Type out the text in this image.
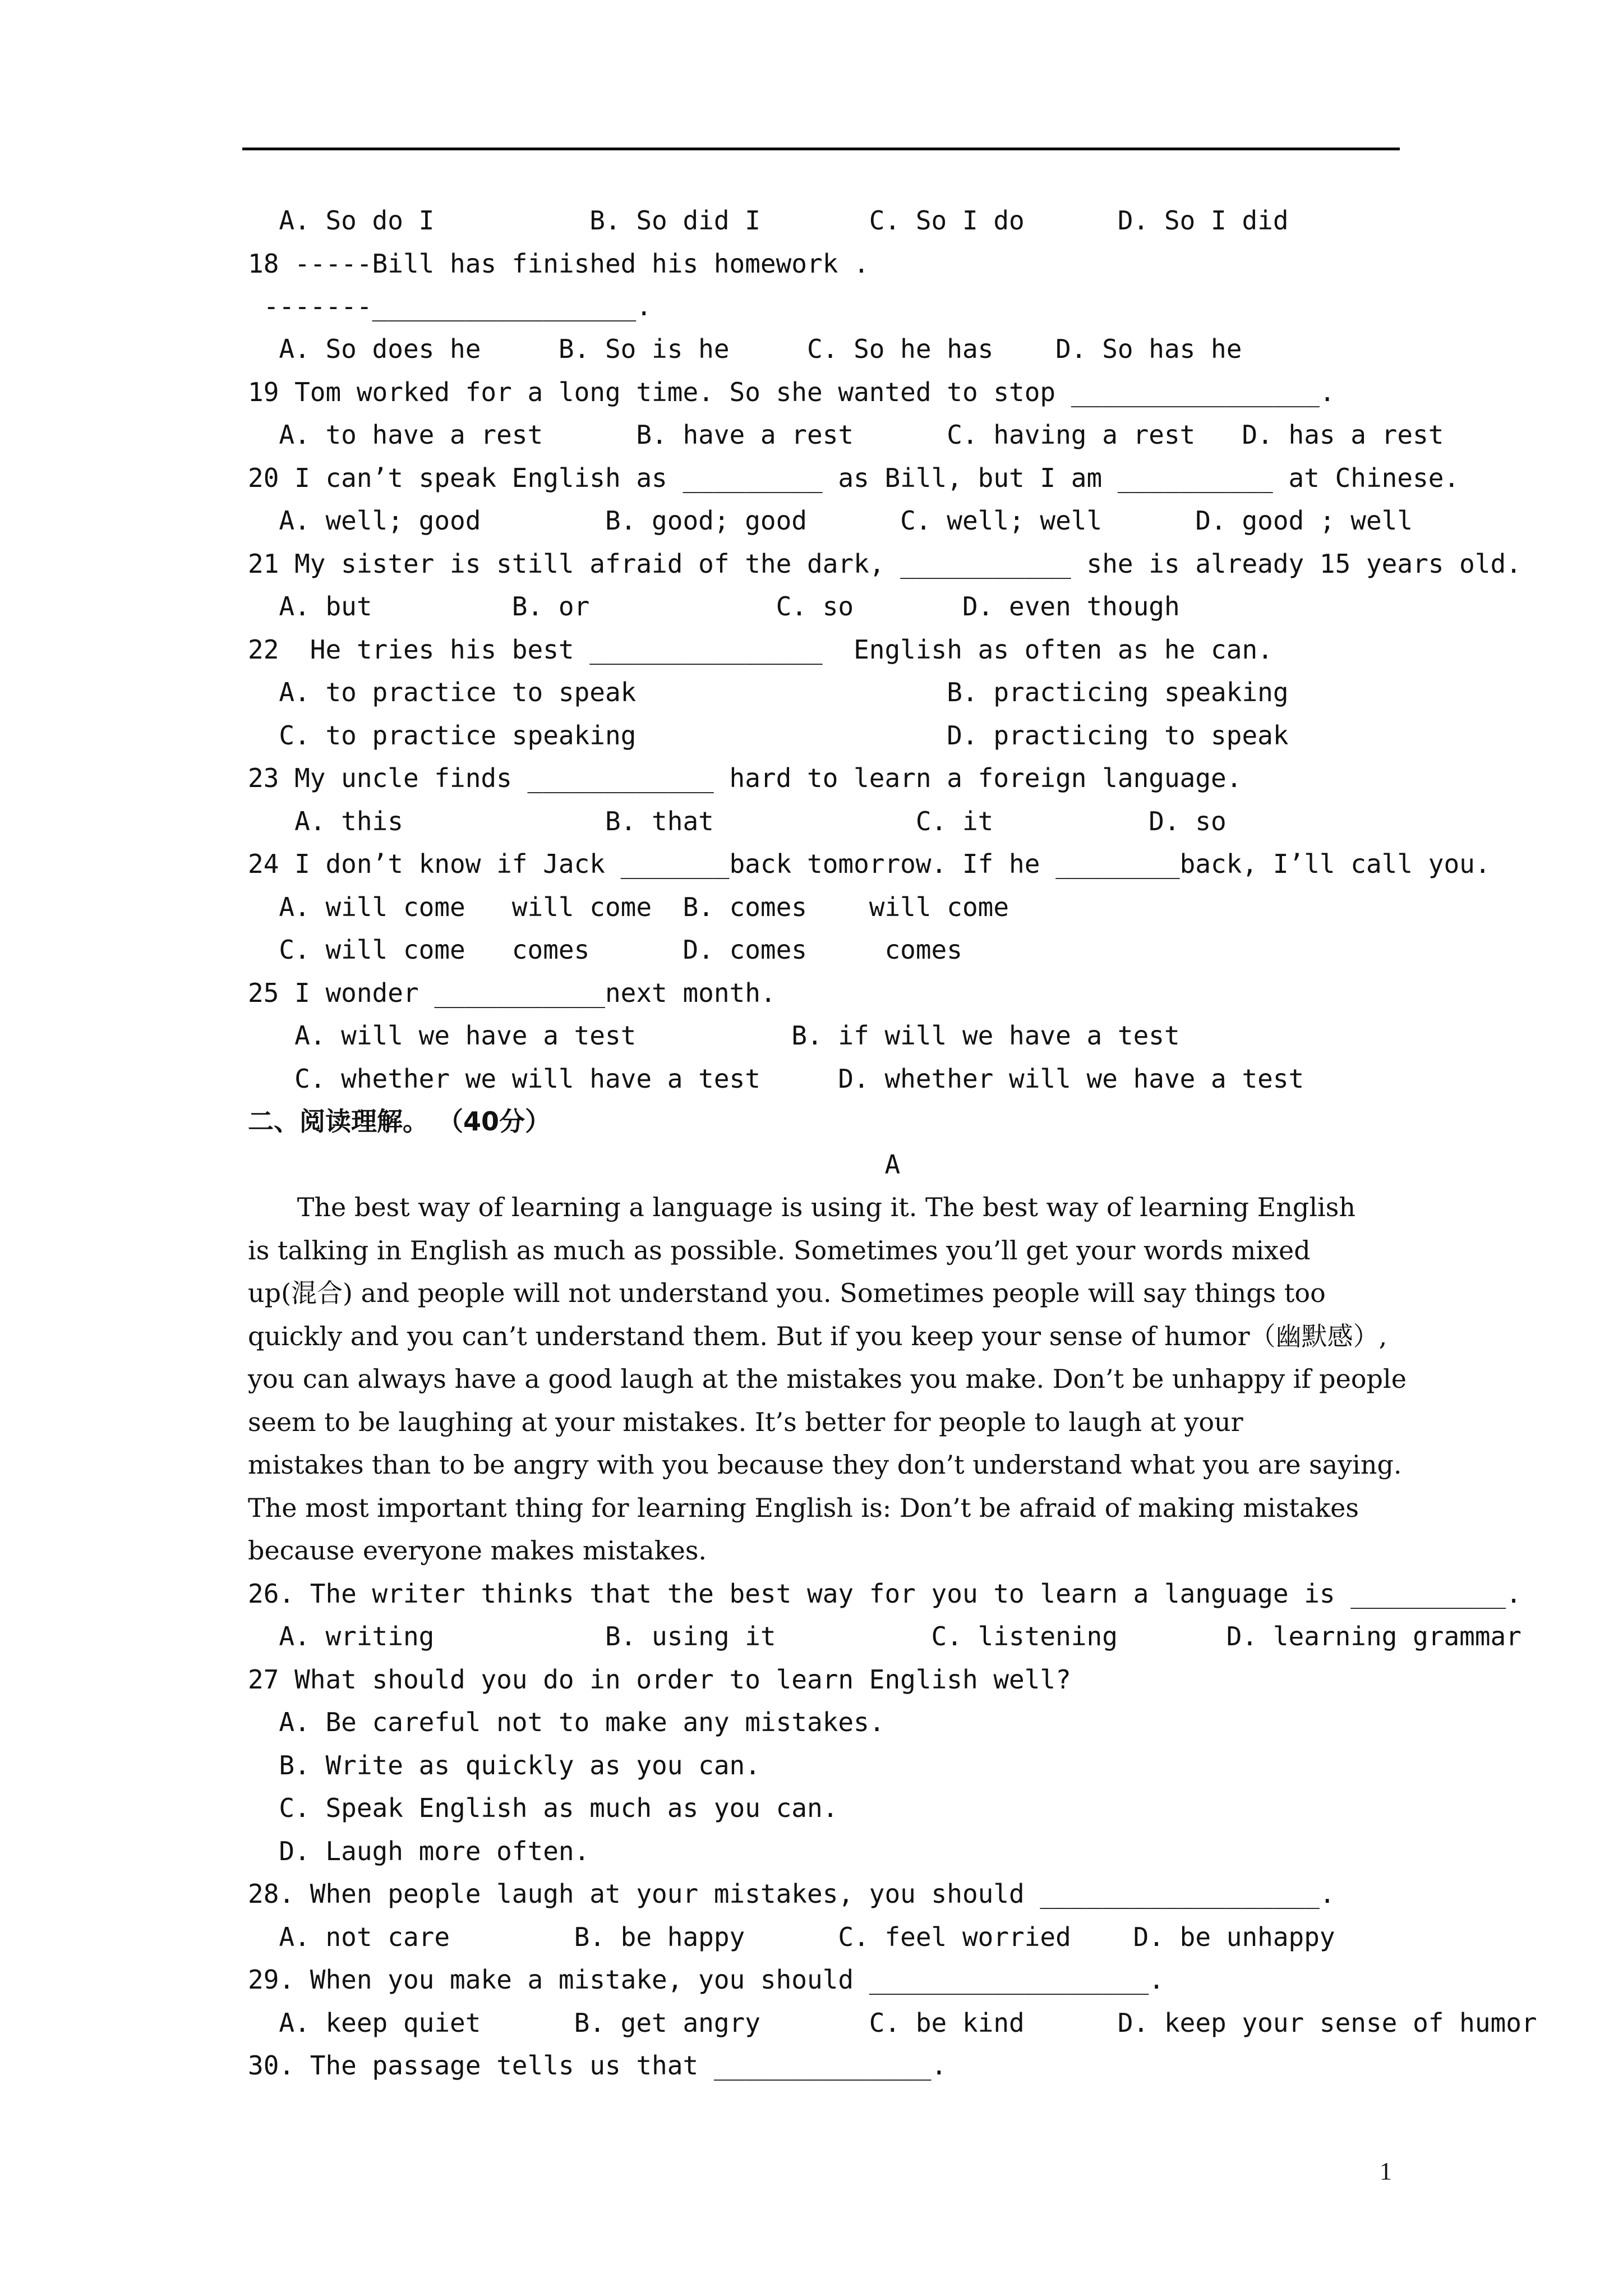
A. So do I          B. So did I       C. So I do      D. So I did
18 -----Bill has finished his homework .
-------_________________.
A. So does he     B. So is he     C. So he has    D. So has he
19 Tom worked for a long time. So she wanted to stop ________________.
A. to have a rest      B. have a rest      C. having a rest   D. has a rest
20 I can’t speak English as _________ as Bill, but I am __________ at Chinese.
A. well; good        B. good; good      C. well; well      D. good ; well
21 My sister is still afraid of the dark, ___________ she is already 15 years old.
A. but         B. or            C. so       D. even though
22  He tries his best _______________  English as often as he can.
A. to practice to speak                    B. practicing speaking
C. to practice speaking                    D. practicing to speak
23 My uncle finds ____________ hard to learn a foreign language.
A. this             B. that             C. it          D. so
24 I don’t know if Jack _______back tomorrow. If he ________back, I’ll call you.
A. will come   will come  B. comes    will come
C. will come   comes      D. comes     comes
25 I wonder ___________next month.
A. will we have a test          B. if will we have a test
C. whether we will have a test     D. whether will we have a test
二、阅读理解。 （40分）
A
The best way of learning a language is using it. The best way of learning English
is talking in English as much as possible. Sometimes you’ll get your words mixed
up(混合) and people will not understand you. Sometimes people will say things too
quickly and you can’t understand them. But if you keep your sense of humor（幽默感）,
you can always have a good laugh at the mistakes you make. Don’t be unhappy if people
seem to be laughing at your mistakes. It’s better for people to laugh at your
mistakes than to be angry with you because they don’t understand what you are saying.
The most important thing for learning English is: Don’t be afraid of making mistakes
because everyone makes mistakes.
26. The writer thinks that the best way for you to learn a language is __________.
A. writing           B. using it          C. listening       D. learning grammar
27 What should you do in order to learn English well?
A. Be careful not to make any mistakes.
B. Write as quickly as you can.
C. Speak English as much as you can.
D. Laugh more often.
28. When people laugh at your mistakes, you should __________________.
A. not care        B. be happy      C. feel worried    D. be unhappy
29. When you make a mistake, you should __________________.
A. keep quiet      B. get angry       C. be kind      D. keep your sense of humor
30. The passage tells us that ______________.
1
